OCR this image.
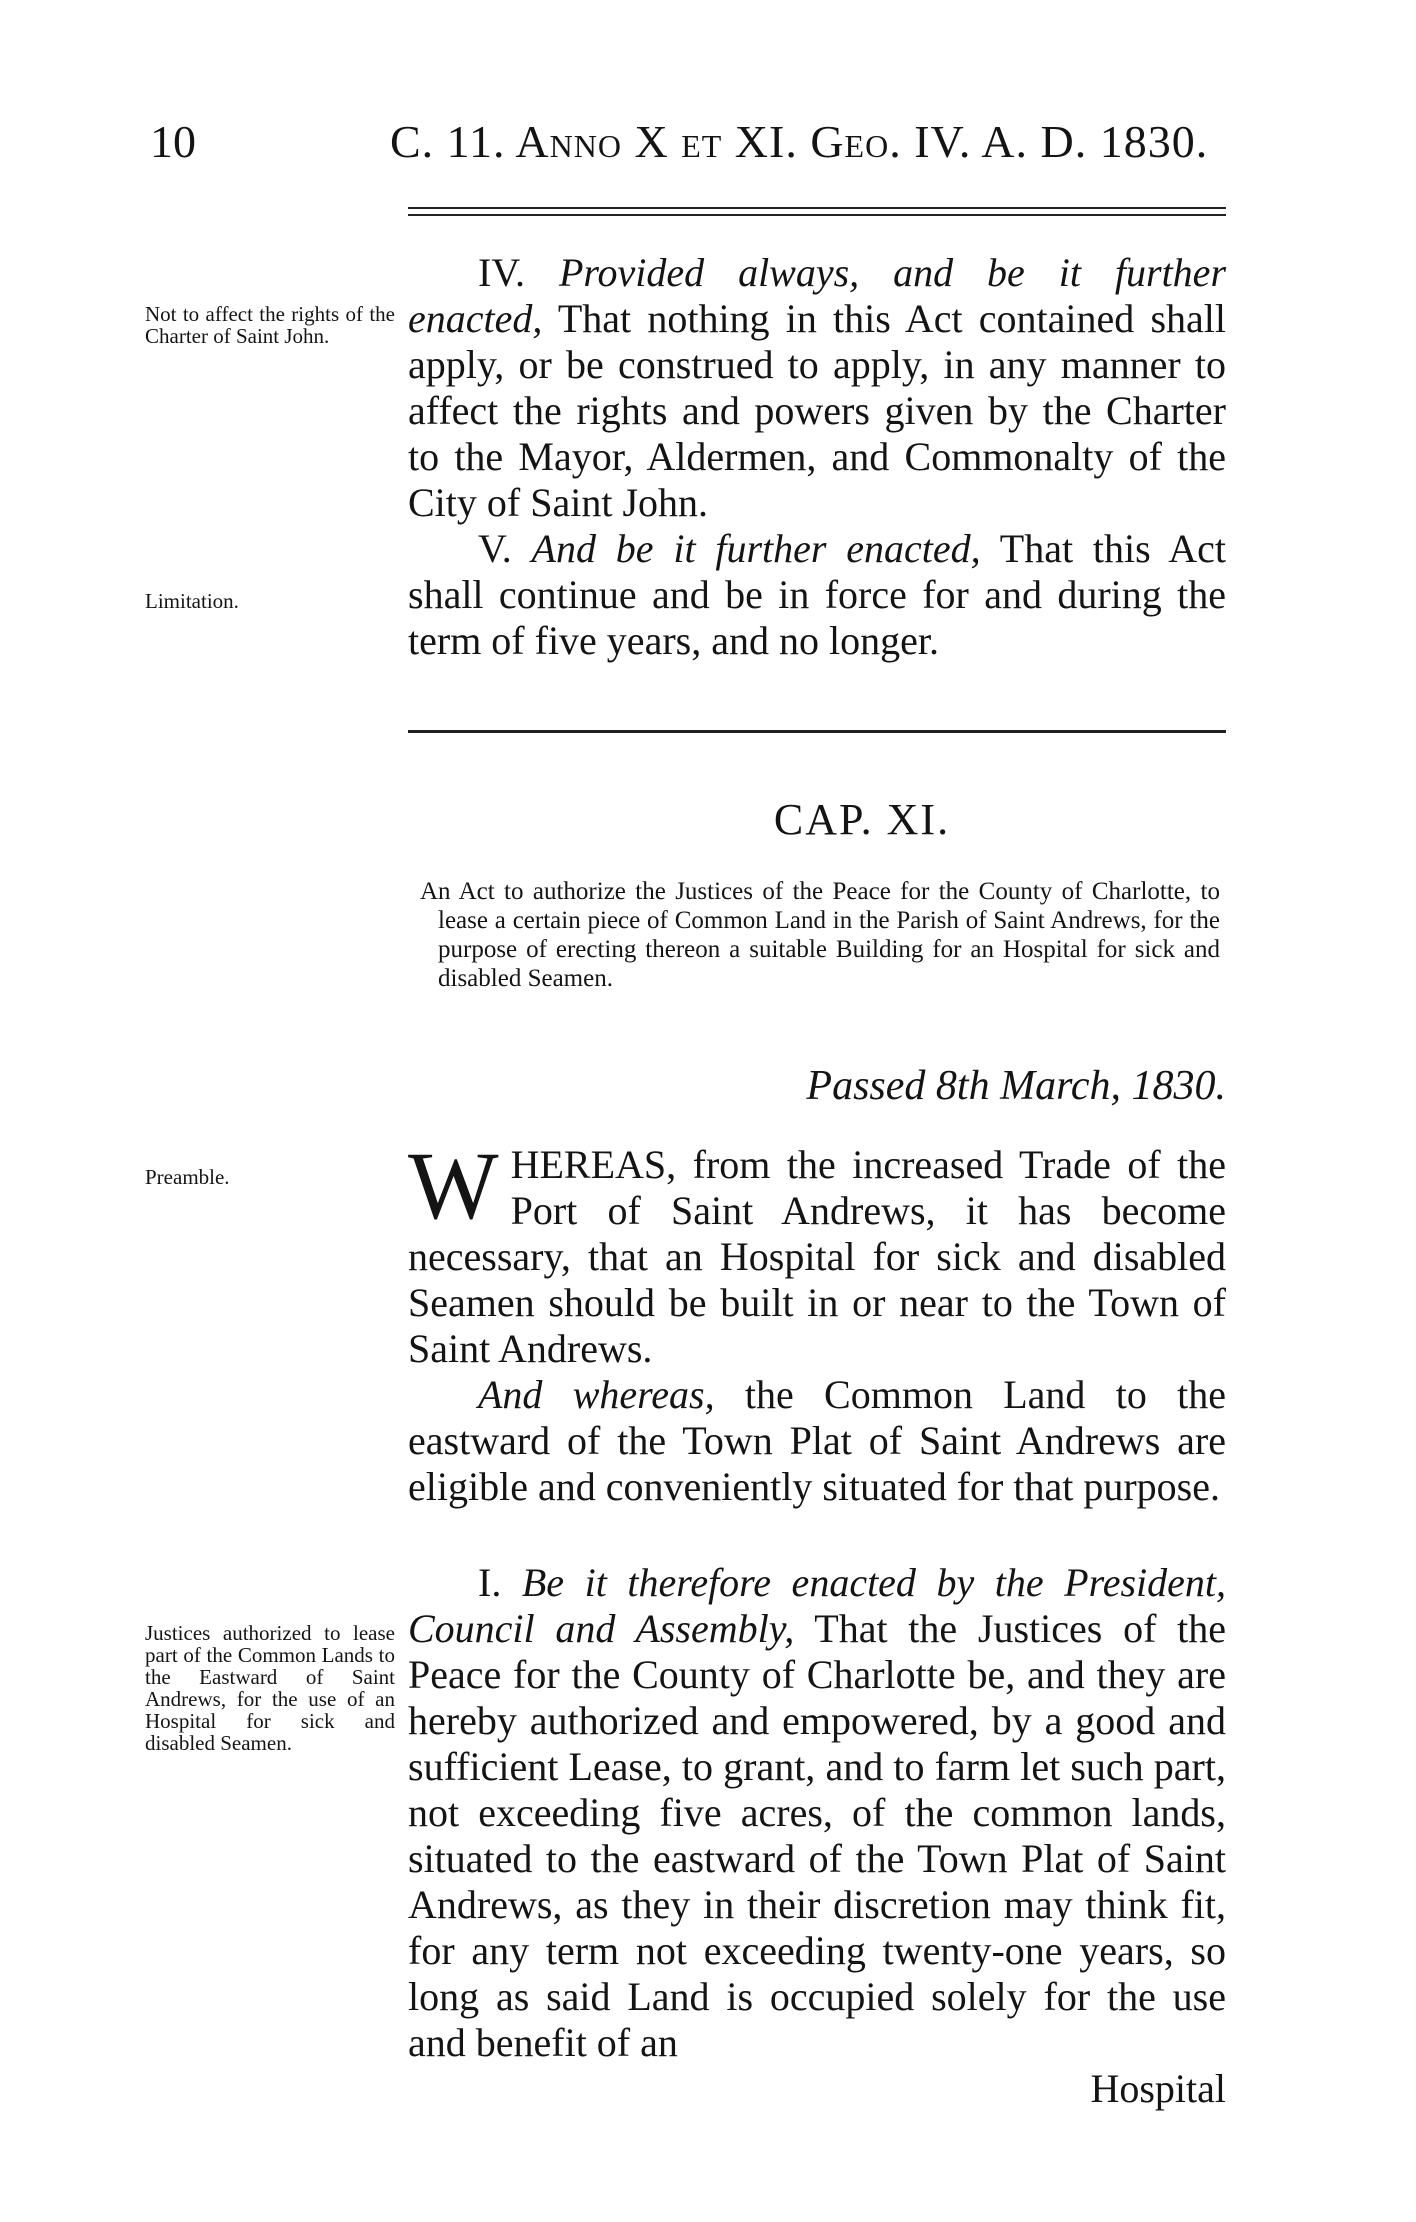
10	C. 11. Anno X et XI. Geo. IV. A. D. 1830.
Not to affect the rights of the Charter of Saint John.

IV. Provided always, and be it further enacted, That nothing in this Act contained shall apply, or be construed to apply, in any manner to affect the rights and powers given by the Charter to the Mayor, Aldermen, and Commonalty of the City of Saint John.

Limitation.

V. And be it further enacted, That this Act shall continue and be in force for and during the term of five years, and no longer.

CAP. XI.

An Act to authorize the Justices of the Peace for the County of Charlotte, to lease a certain piece of Common Land in the Parish of Saint Andrews, for the purpose of erecting thereon a suitable Building for an Hospital for sick and disabled Seamen.

Passed 8th March, 1830.
Preamble.	WHEREAS, from the increased Trade of the Port of Saint Andrews, it has become necessary, that an Hospital for sick and disabled Seamen should be built in or near to the Town of Saint Andrews.

And whereas, the Common Land to the eastward of the Town Plat of Saint Andrews are eligible and conveniently situated for that purpose.

Justices authorized to lease part of the Common Lands to the Eastward of Saint Andrews, for the use of an Hospital for sick and disabled Seamen.

I. Be it therefore enacted by the President, Council and Assembly, That the Justices of the Peace for the County of Charlotte be, and they are hereby authorized and empowered, by a good and sufficient Lease, to grant, and to farm let such part, not exceeding five acres, of the common lands, situated to the eastward of the Town Plat of Saint Andrews, as they in their discretion may think fit, for any term not exceeding twenty-one years, so long as said Land is occupied solely for the use and benefit of an

Hospital
